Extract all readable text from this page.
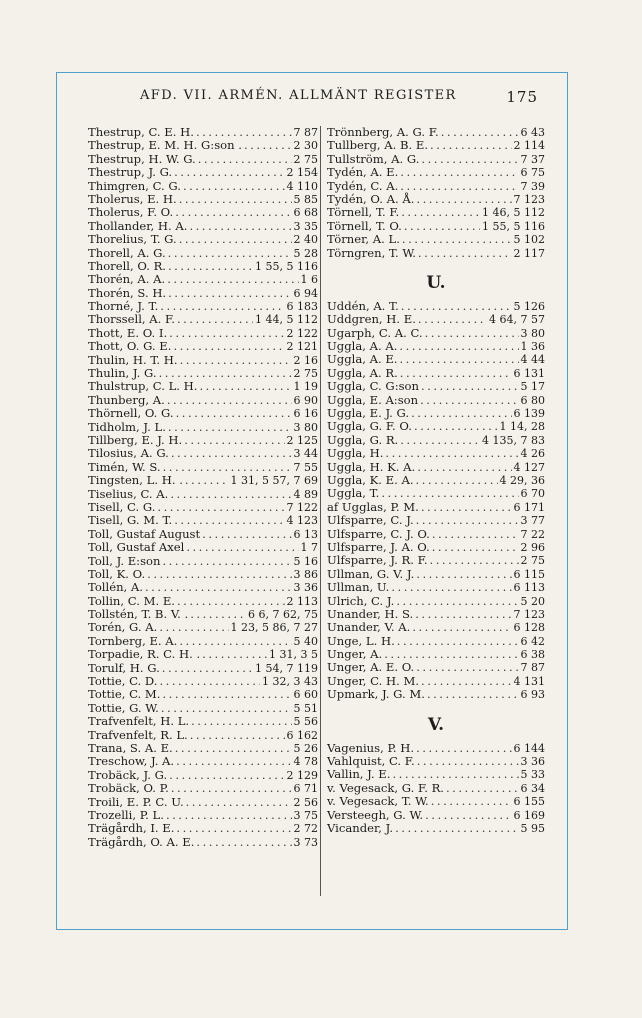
AFD. VII. ARMÉN. ALLMÄNT REGISTER	175
Thestrup, C. E. H. .....	7 87
Thestrup, E. M. H. G:son . .....	2 30
Thestrup, H. W. G. .....	2 75
Thestrup, J. G. .....	2 154
Thimgren, C. G. .....	4 110
Tholerus, E. H. .....	5 85
Tholerus, F. O. .....	6 68
Thollander, H. A. .....	3 35
Thorelius, T. G. .....	2 40
Thorell, A. G. .....	5 28
Thorell, O. R. .....	1 55, 5 116
Thorén, A. A. .....	1 6
Thorén, S. H. .....	6 94
Thorné, J. T. .....	6 183
Thorssell, A. F. .....	1 44, 5 112
Thott, E. O. I. .....	2 122
Thott, O. G. E. .....	2 121
Thulin, H. T. H. .....	2 16
Thulin, J. G. .....	2 75
Thulstrup, C. L. H. .....	1 19
Thunberg, A. .....	6 90
Thörnell, O. G. .....	6 16
Tidholm, J. L. .....	3 80
Tillberg, E. J. H. .....	2 125
Tilosius, A. G. .....	3 44
Timén, W. S. .....	7 55
Tingsten, L. H. . .....	1 31, 5 57, 7 69
Tiselius, C. A. .....	4 89
Tisell, C. G. .....	7 122
Tisell, G. M. T. .....	4 123
Toll, Gustaf August .....	6 13
Toll, Gustaf Axel .....	1 7
Toll, J. E:son .....	5 16
Toll, K. O. .....	3 86
Tollén, A. .....	3 36
Tollin, C. M. E. .....	2 113
Tollstén, T. B. V. . .....	6 6, 7 62, 75
Torén, G. A. .....	1 23, 5 86, 7 27
Tornberg, E. A. .....	5 40
Torpadie, R. C. H. . .....	1 31, 3 5
Torulf, H. G. .....	1 54, 7 119
Tottie, C. D. .....	1 32, 3 43
Tottie, C. M. .....	6 60
Tottie, G. W. .....	5 51
Trafvenfelt, H. L. .....	5 56
Trafvenfelt, R. L. .....	6 162
Trana, S. A. E. .....	5 26
Treschow, J. A. .....	4 78
Trobäck, J. G. .....	2 129
Trobäck, O. P. .....	6 71
Troili, E. P. C. U. .....	2 56
Trozelli, P. L. .....	3 75
Trägårdh, I. E. .....	2 72
Trägårdh, O. A. E. .....	3 73
Trönnberg, A. G. F. .....	6 43
Tullberg, A. B. E. .....	2 114
Tullström, A. G. .....	7 37
Tydén, A. E. .....	6 75
Tydén, C. A. .....	7 39
Tydén, O. A. Å. .....	7 123
Törnell, T. F. .....	1 46, 5 112
Törnell, T. O. .....	1 55, 5 116
Törner, A. L. .....	5 102
Törngren, T. W. .....	2 117
U.
Uddén, A. T. .....	5 126
Uddgren, H. E. .....	4 64, 7 57
Ugarph, C. A. C. .....	3 80
Uggla, A. A. .....	1 36
Uggla, A. E. .....	4 44
Uggla, A. R. .....	6 131
Uggla, C. G:son .....	5 17
Uggla, E. A:son .....	6 80
Uggla, E. J. G. .....	6 139
Uggla, G. F. O. .....	1 14, 28
Uggla, G. R. .....	4 135, 7 83
Uggla, H. .....	4 26
Uggla, H. K. A. .....	4 127
Uggla, K. E. A. .....	4 29, 36
Uggla, T. .....	6 70
af Ugglas, P. M. .....	6 171
Ulfsparre, C. J. .....	3 77
Ulfsparre, C. J. O. .....	7 22
Ulfsparre, J. A. O. .....	2 96
Ulfsparre, J. R. F. .....	2 75
Ullman, G. V. J. .....	6 115
Ullman, U. .....	6 113
Ulrich, C. J. .....	5 20
Unander, H. S. .....	7 123
Unander, V. A. .....	6 128
Unge, L. H. .....	6 42
Unger, A. .....	6 38
Unger, A. E. O. .....	7 87
Unger, C. H. M. .....	4 131
Upmark, J. G. M. .....	6 93
V.
Vagenius, P. H. .....	6 144
Vahlquist, C. F. .....	3 36
Vallin, J. E. .....	5 33
v. Vegesack, G. F. R. .....	6 34
v. Vegesack, T. W. .....	6 155
Versteegh, G. W. .....	6 169
Vicander, J. .....	5 95
